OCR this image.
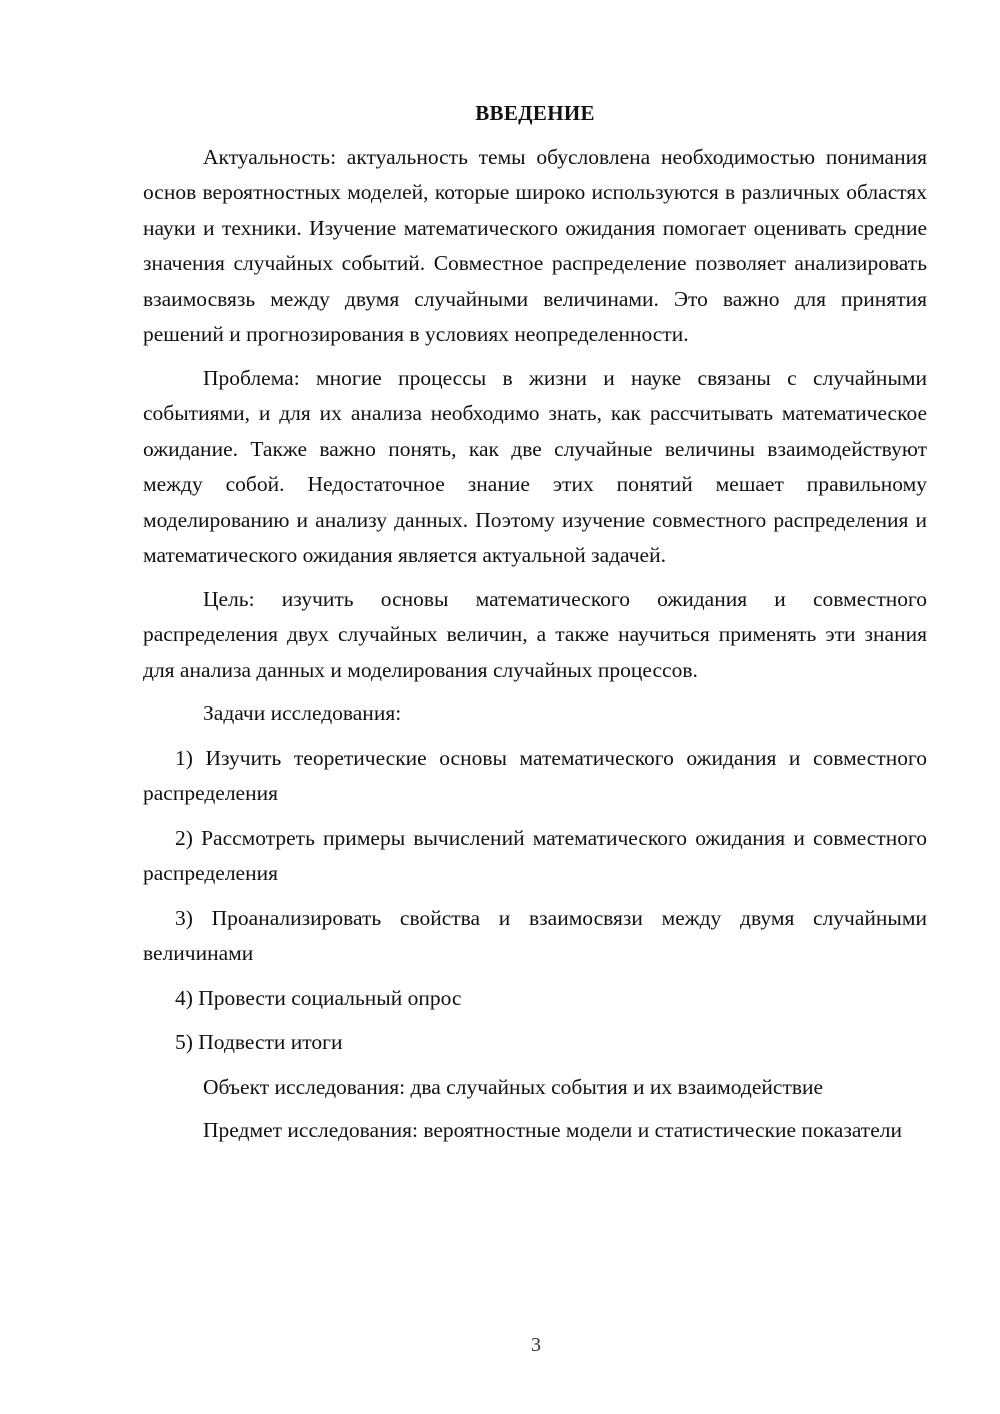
ВВЕДЕНИЕ

Актуальность: актуальность темы обусловлена необходимостью понимания основ вероятностных моделей, которые широко используются в различных областях науки и техники. Изучение математического ожидания помогает оценивать средние значения случайных событий. Совместное распределение позволяет анализировать взаимосвязь между двумя случайными величинами. Это важно для принятия решений и прогнозирования в условиях неопределенности.

Проблема: многие процессы в жизни и науке связаны с случайными событиями, и для их анализа необходимо знать, как рассчитывать математическое ожидание. Также важно понять, как две случайные величины взаимодействуют между собой. Недостаточное знание этих понятий мешает правильному моделированию и анализу данных. Поэтому изучение совместного распределения и математического ожидания является актуальной задачей.

Цель: изучить основы математического ожидания и совместного распределения двух случайных величин, а также научиться применять эти знания для анализа данных и моделирования случайных процессов.

Задачи исследования:

1) Изучить теоретические основы математического ожидания и совместного распределения

2) Рассмотреть примеры вычислений математического ожидания и совместного распределения

3) Проанализировать свойства и взаимосвязи между двумя случайными величинами

4) Провести социальный опрос

5) Подвести итоги

Объект исследования: два случайных события и их взаимодействие

Предмет исследования: вероятностные модели и статистические показатели

3
